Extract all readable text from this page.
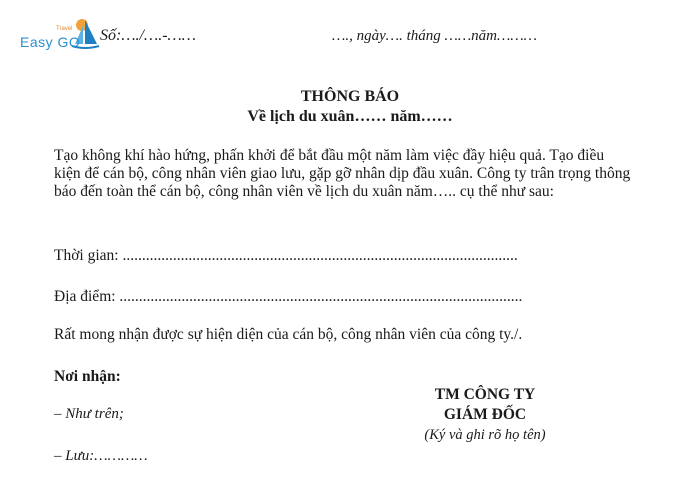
Travel
Easy GO Số:…./….-……	…., ngày…. tháng ……năm………
THÔNG BÁO
Về lịch du xuân…… năm……
Tạo không khí hào hứng, phấn khởi để bắt đầu một năm làm việc đầy hiệu quả. Tạo điều kiện để cán bộ, công nhân viên giao lưu, gặp gỡ nhân dịp đầu xuân. Công ty trân trọng thông báo đến toàn thể cán bộ, công nhân viên về lịch du xuân năm….. cụ thể như sau:
Thời gian: ......................................................................................................
Địa điểm: ........................................................................................................
Rất mong nhận được sự hiện diện của cán bộ, công nhân viên của công ty./.
Nơi nhận:
– Như trên;
– Lưu:…………
TM CÔNG TY
GIÁM ĐỐC
(Ký và ghi rõ họ tên)
